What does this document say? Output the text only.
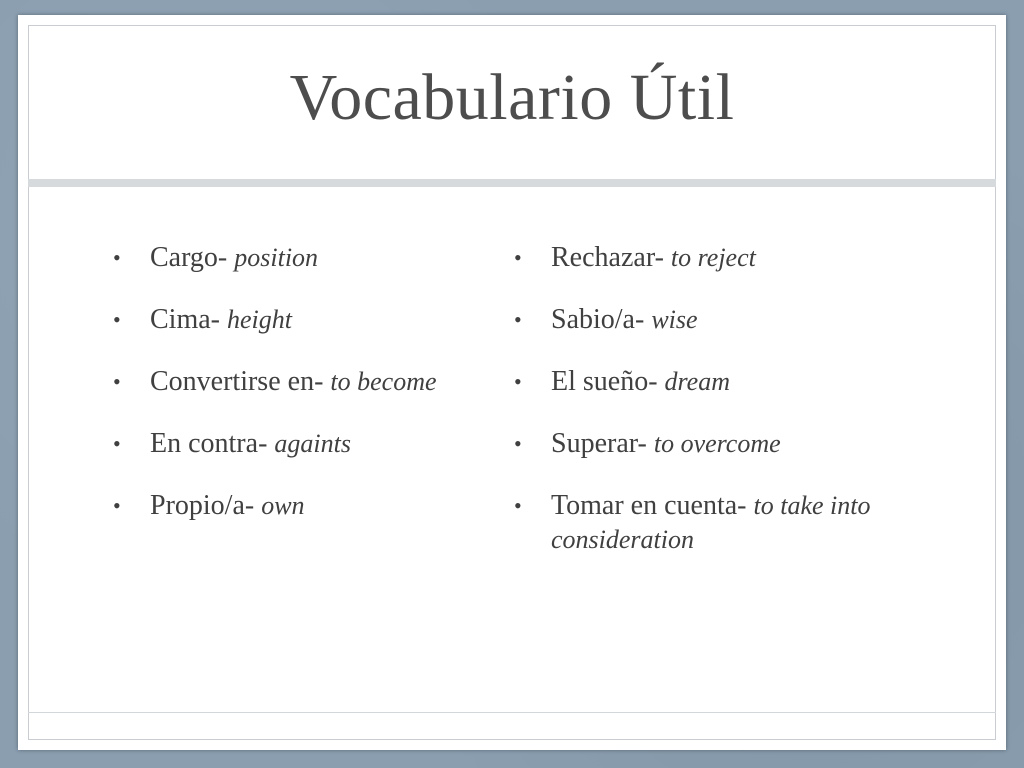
Vocabulario Útil
• Cargo- position
• Cima- height
• Convertirse en- to become
• En contra- againts
• Propio/a- own
• Rechazar- to reject
• Sabio/a- wise
• El sueño- dream
• Superar- to overcome
• Tomar en cuenta- to take into consideration
